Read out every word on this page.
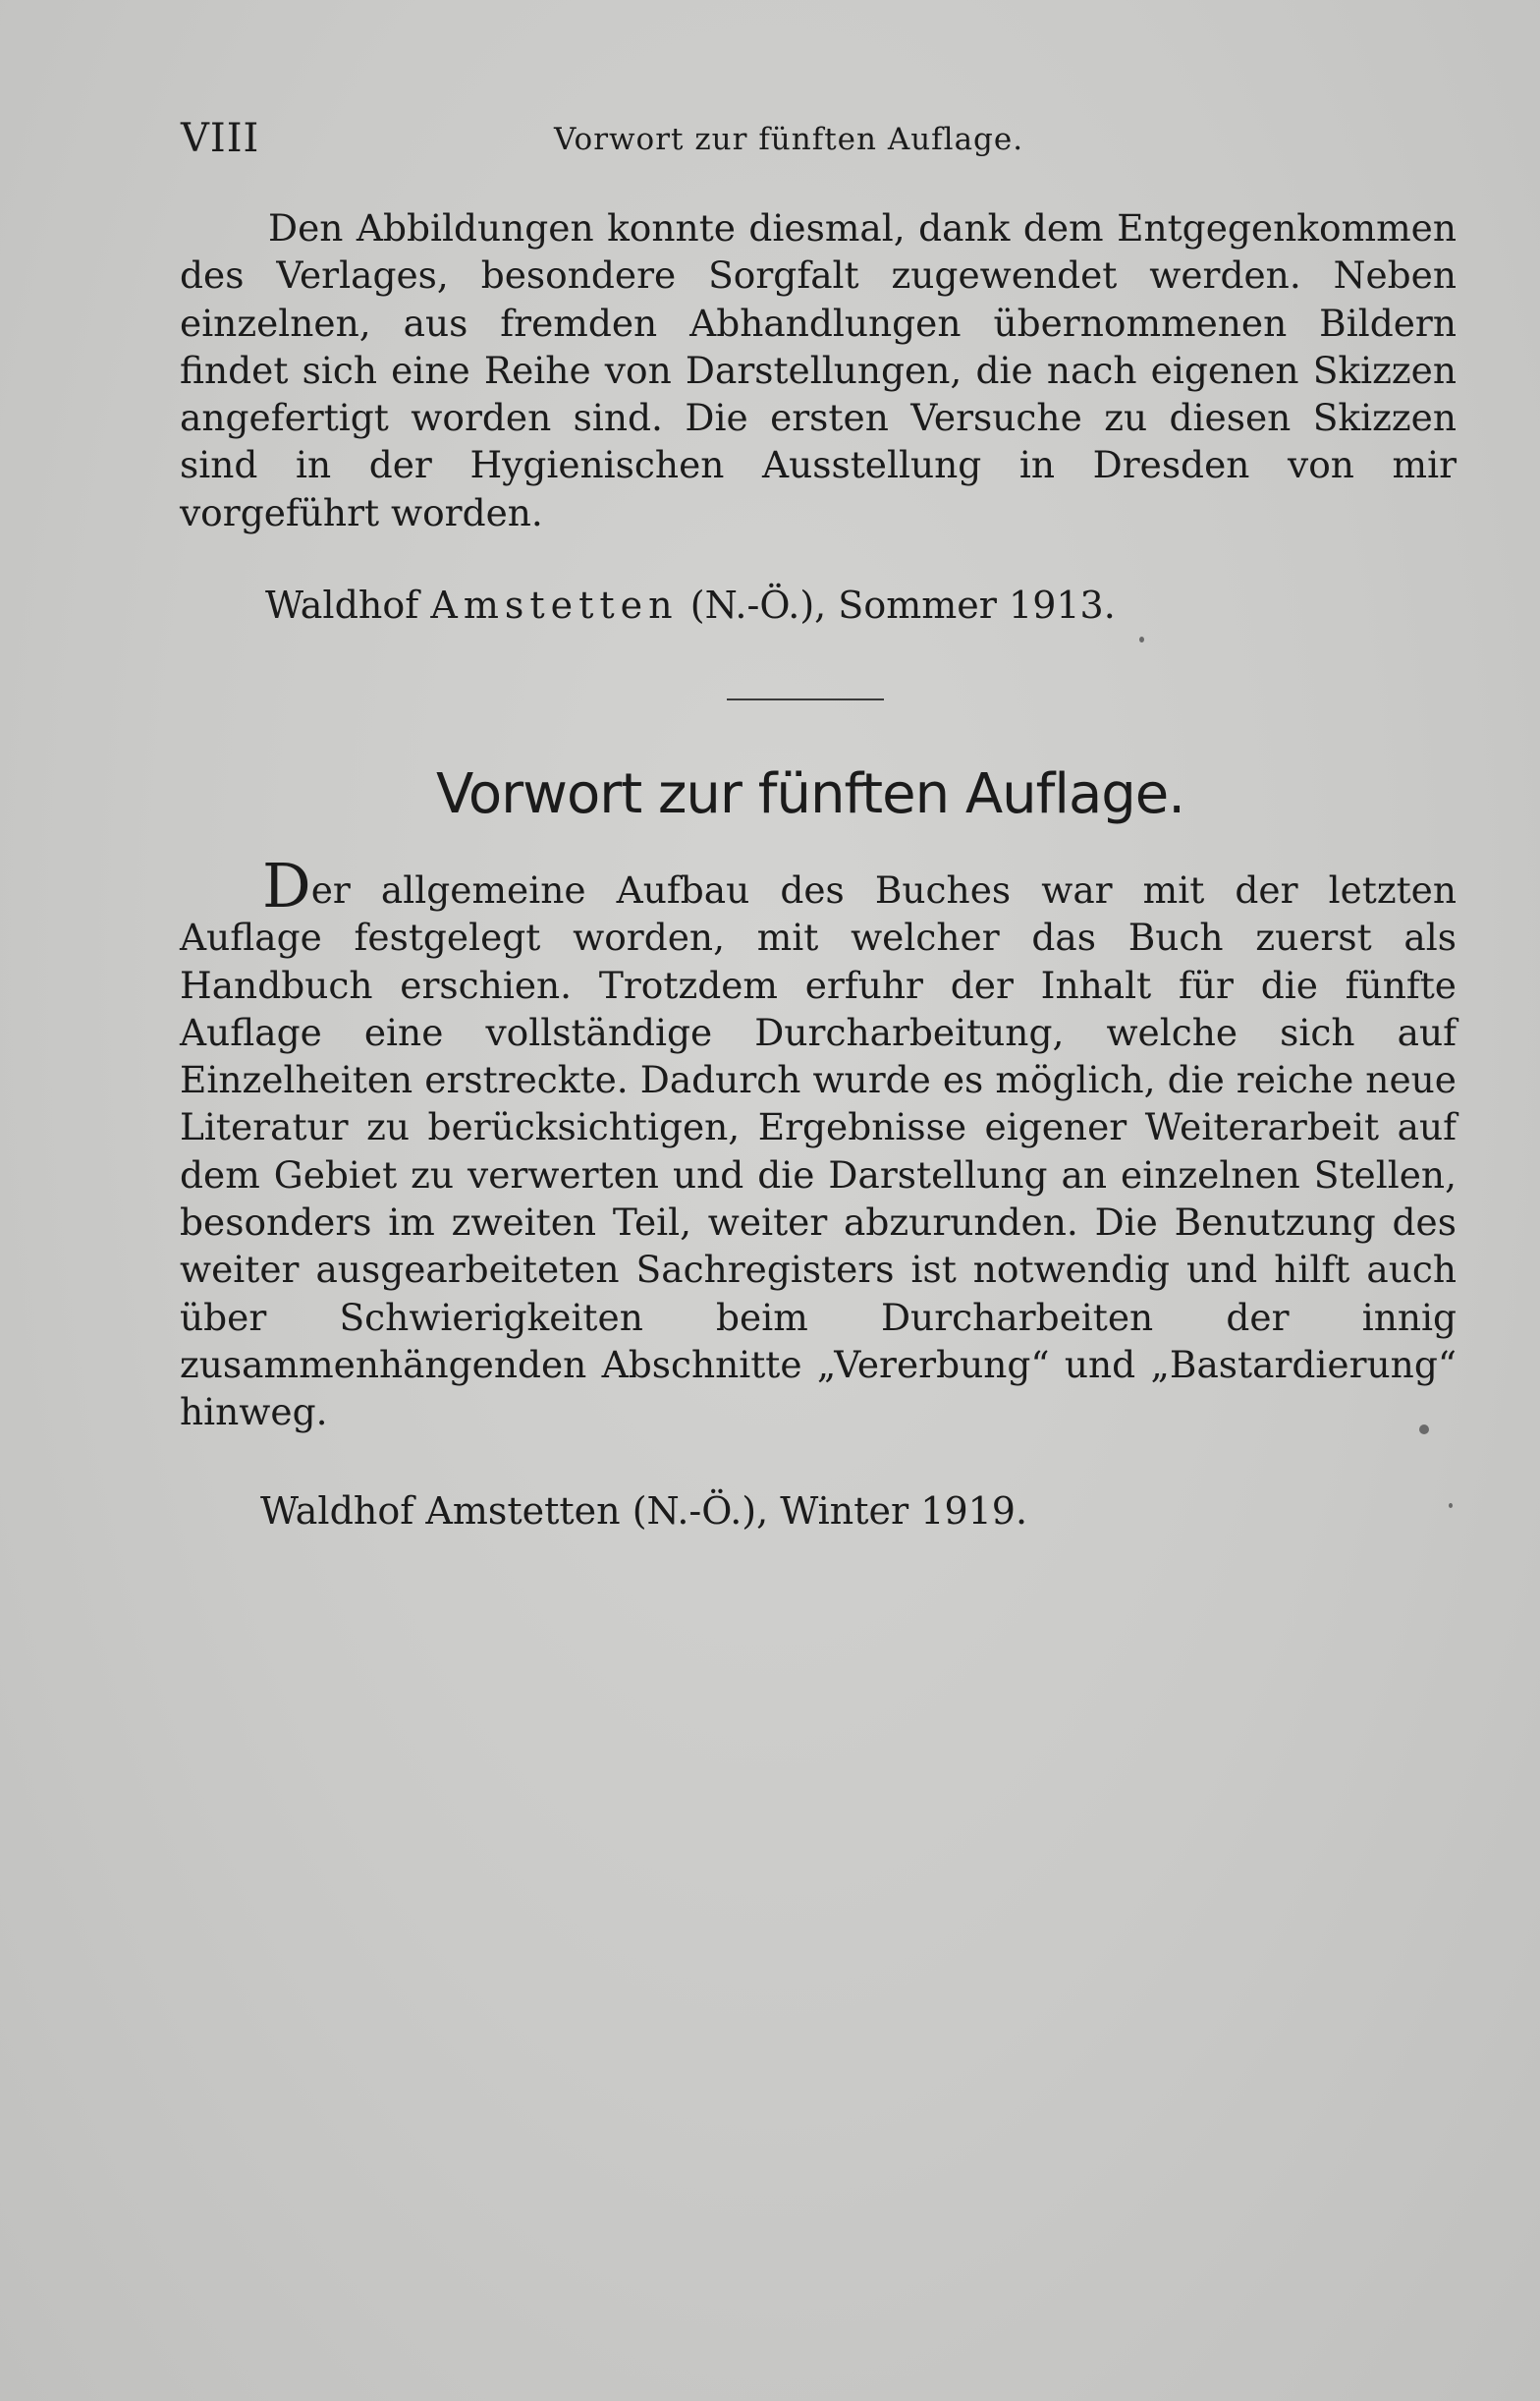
VIII	Vorwort zur fünften Auflage.

Den Abbildungen konnte diesmal, dank dem Entgegenkommen des Verlages, besondere Sorgfalt zugewendet werden. Neben einzelnen, aus fremden Abhandlungen übernommenen Bildern findet sich eine Reihe von Darstellungen, die nach eigenen Skizzen angefertigt worden sind. Die ersten Versuche zu diesen Skizzen sind in der Hygienischen Ausstellung in Dresden von mir vorgeführt worden.

Waldhof Amstetten (N.-Ö.), Sommer 1913.

Vorwort zur fünften Auflage.

Der allgemeine Aufbau des Buches war mit der letzten Auflage festgelegt worden, mit welcher das Buch zuerst als Handbuch erschien. Trotzdem erfuhr der Inhalt für die fünfte Auflage eine vollständige Durcharbeitung, welche sich auf Einzelheiten erstreckte. Dadurch wurde es möglich, die reiche neue Literatur zu berücksichtigen, Ergebnisse eigener Weiterarbeit auf dem Gebiet zu verwerten und die Darstellung an einzelnen Stellen, besonders im zweiten Teil, weiter abzurunden. Die Benutzung des weiter ausgearbeiteten Sachregisters ist notwendig und hilft auch über Schwierigkeiten beim Durcharbeiten der innig zusammenhängenden Abschnitte „Vererbung“ und „Bastardierung“ hinweg.

Waldhof Amstetten (N.-Ö.), Winter 1919.
